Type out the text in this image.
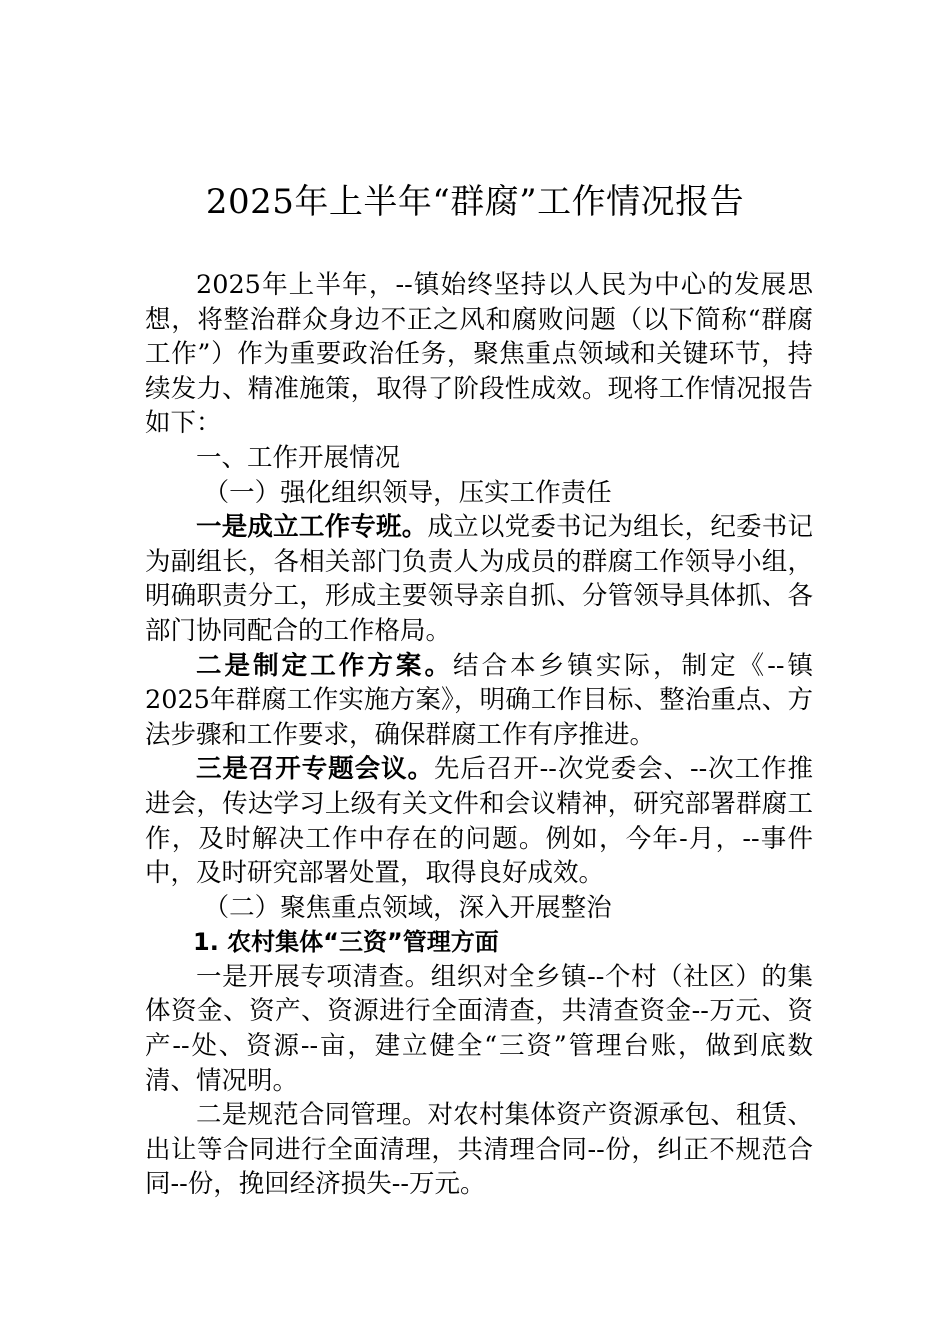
2025年上半年“群腐”工作情况报告

2025年上半年，--镇始终坚持以人民为中心的发展思想，将整治群众身边不正之风和腐败问题（以下简称“群腐工作”）作为重要政治任务，聚焦重点领域和关键环节，持续发力、精准施策，取得了阶段性成效。现将工作情况报告如下：

一、工作开展情况

（一）强化组织领导，压实工作责任

一是成立工作专班。成立以党委书记为组长，纪委书记为副组长，各相关部门负责人为成员的群腐工作领导小组，明确职责分工，形成主要领导亲自抓、分管领导具体抓、各部门协同配合的工作格局。

二是制定工作方案。结合本乡镇实际，制定《--镇2025年群腐工作实施方案》，明确工作目标、整治重点、方法步骤和工作要求，确保群腐工作有序推进。

三是召开专题会议。先后召开--次党委会、--次工作推进会，传达学习上级有关文件和会议精神，研究部署群腐工作，及时解决工作中存在的问题。例如，今年-月，--事件中，及时研究部署处置，取得良好成效。

（二）聚焦重点领域，深入开展整治

1. 农村集体“三资”管理方面

一是开展专项清查。组织对全乡镇--个村（社区）的集体资金、资产、资源进行全面清查，共清查资金--万元、资产--处、资源--亩，建立健全“三资”管理台账，做到底数清、情况明。

二是规范合同管理。对农村集体资产资源承包、租赁、出让等合同进行全面清理，共清理合同--份，纠正不规范合同--份，挽回经济损失--万元。
